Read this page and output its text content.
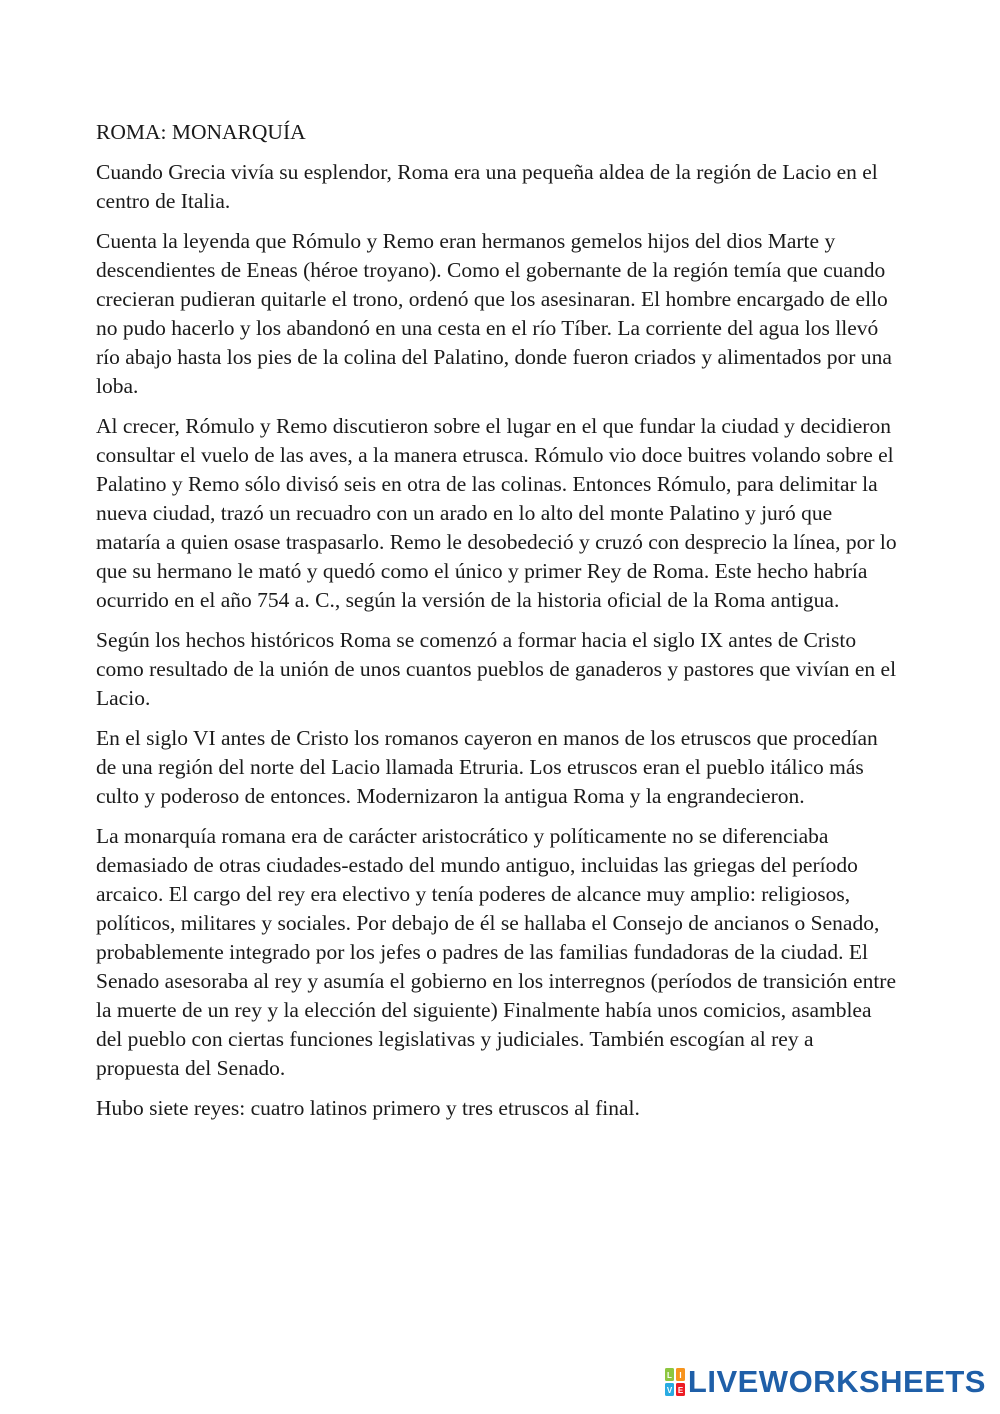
ROMA: MONARQUÍA

Cuando Grecia vivía su esplendor, Roma era una pequeña aldea de la región de Lacio en el centro de Italia.

Cuenta la leyenda que Rómulo y Remo eran hermanos gemelos hijos del dios Marte y descendientes de Eneas (héroe troyano). Como el gobernante de la región temía que cuando crecieran pudieran quitarle el trono, ordenó que los asesinaran. El hombre encargado de ello no pudo hacerlo y los abandonó en una cesta en el río Tíber. La corriente del agua los llevó río abajo hasta los pies de la colina del Palatino, donde fueron criados y alimentados por una loba.

Al crecer, Rómulo y Remo discutieron sobre el lugar en el que fundar la ciudad y decidieron consultar el vuelo de las aves, a la manera etrusca. Rómulo vio doce buitres volando sobre el Palatino y Remo sólo divisó seis en otra de las colinas. Entonces Rómulo, para delimitar la nueva ciudad, trazó un recuadro con un arado en lo alto del monte Palatino y juró que mataría a quien osase traspasarlo. Remo le desobedeció y cruzó con desprecio la línea, por lo que su hermano le mató y quedó como el único y primer Rey de Roma. Este hecho habría ocurrido en el año 754 a. C., según la versión de la historia oficial de la Roma antigua.

Según los hechos históricos Roma se comenzó a formar hacia el siglo IX antes de Cristo como resultado de la unión de unos cuantos pueblos de ganaderos y pastores que vivían en el Lacio.

En el siglo VI antes de Cristo los romanos cayeron en manos de los etruscos que procedían de una región del norte del Lacio llamada Etruria. Los etruscos eran el pueblo itálico más culto y poderoso de entonces. Modernizaron la antigua Roma y la engrandecieron.

La monarquía romana era de carácter aristocrático y políticamente no se diferenciaba demasiado de otras ciudades-estado del mundo antiguo, incluidas las griegas del período arcaico. El cargo del rey era electivo y tenía poderes de alcance muy amplio: religiosos, políticos, militares y sociales. Por debajo de él se hallaba el Consejo de ancianos o Senado, probablemente integrado por los jefes o padres de las familias fundadoras de la ciudad. El Senado asesoraba al rey y asumía el gobierno en los interregnos (períodos de transición entre la muerte de un rey y la elección del siguiente) Finalmente había unos comicios, asamblea del pueblo con ciertas funciones legislativas y judiciales. También escogían al rey a propuesta del Senado.

Hubo siete reyes: cuatro latinos primero y tres etruscos al final.

L I
V E LIVEWORKSHEETS
